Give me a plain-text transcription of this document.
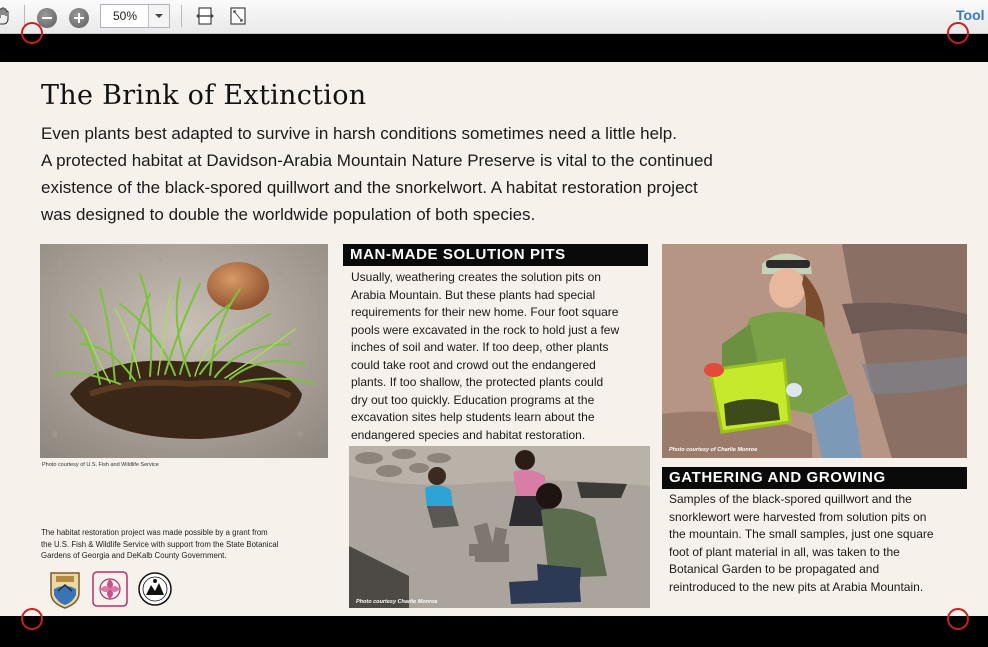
50%	Tool
The Brink of Extinction

Even plants best adapted to survive in harsh conditions sometimes need a little help.

A protected habitat at Davidson-Arabia Mountain Nature Preserve is vital to the continued

existence of the black-spored quillwort and the snorkelwort. A habitat restoration project

was designed to double the worldwide population of both species.

Photo courtesy of U.S. Fish and Wildlife Service
MAN-MADE SOLUTION PITS
Usually, weathering creates the solution pits on
Arabia Mountain. But these plants had special
requirements for their new home. Four foot square
pools were excavated in the rock to hold just a few
inches of soil and water. If too deep, other plants
could take root and crowd out the endangered
plants. If too shallow, the protected plants could
dry out too quickly. Education programs at the
excavation sites help students learn about the
endangered species and habitat restoration.
Photo courtesy Charlie Monroe
Photo courtesy of Charlie Monroe
GATHERING AND GROWING
Samples of the black-spored quillwort and the
snorklewort were harvested from solution pits on
the mountain. The small samples, just one square
foot of plant material in all, was taken to the
Botanical Garden to be propagated and
reintroduced to the new pits at Arabia Mountain.
The habitat restoration project was made possible by a grant from
the U.S. Fish & Wildlife Service with support from the State Botanical
Gardens of Georgia and DeKalb County Government.
